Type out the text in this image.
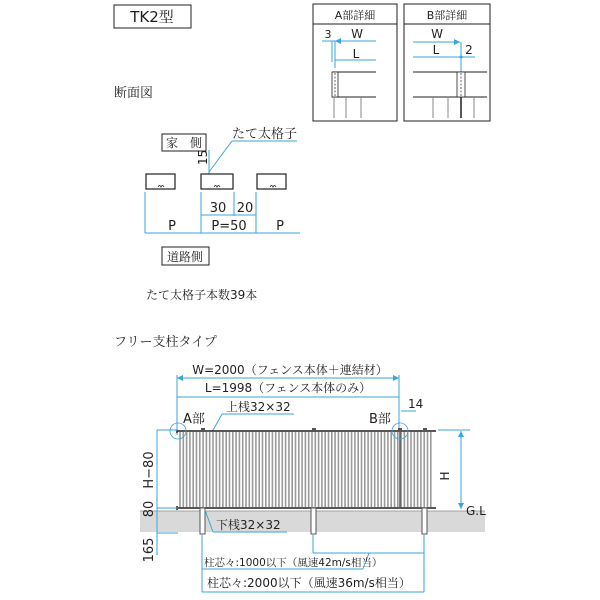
TK2型	A部詳細
3 W
L
B部詳細
W
L 2
断面図
家　側
たて太格子
15
30 20
P	P=50 P
道路側
たて太格子本数39本
フリー支柱タイプ
W=2000（フェンス本体＋連結材）
L=1998（フェンス本体のみ）
14
上桟32×32
A部	B部
H−80
80
165
下桟32×32
H
G.L
柱芯々:1000以下（風速42m/s相当）
柱芯々:2000以下（風速36m/s相当）
